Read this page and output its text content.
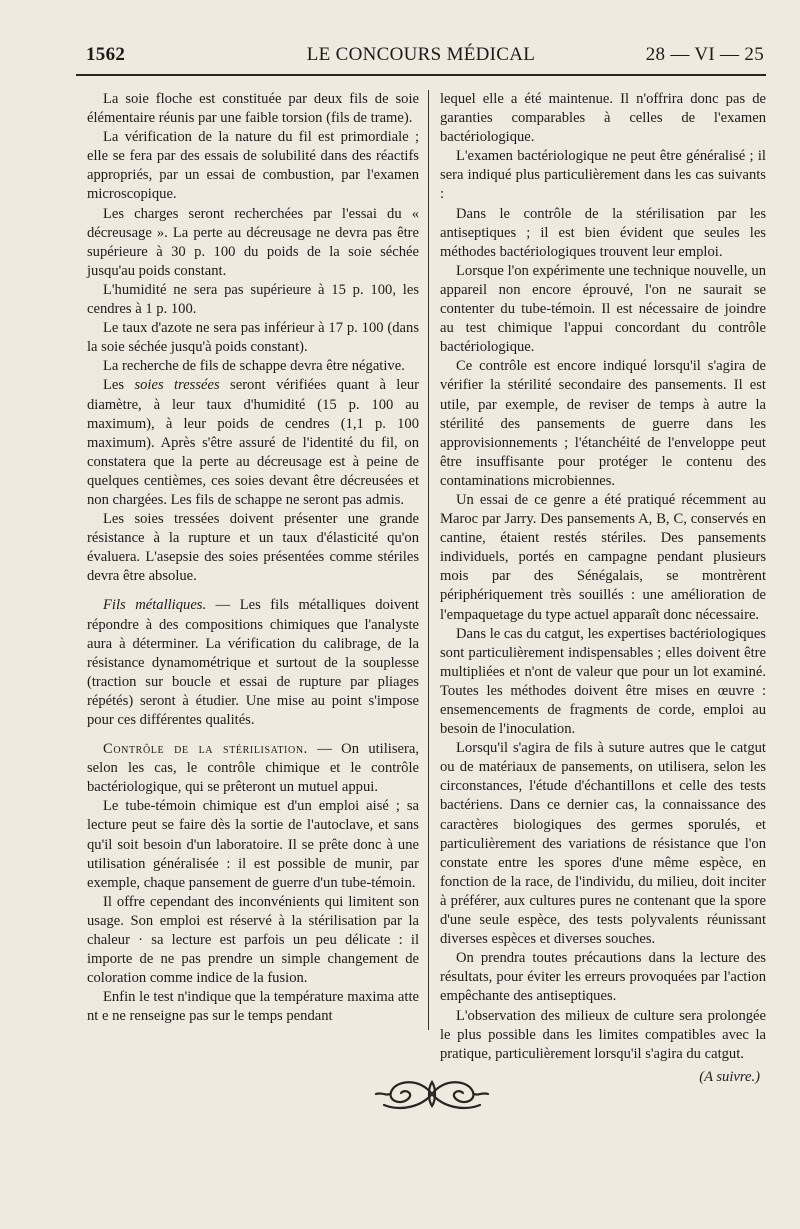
1562	LE CONCOURS MÉDICAL	28 — VI — 25

La soie floche est constituée par deux fils de soie élémentaire réunis par une faible torsion (fils de trame).

La vérification de la nature du fil est primordiale ; elle se fera par des essais de solubilité dans des réactifs appropriés, par un essai de combustion, par l'examen microscopique.

Les charges seront recherchées par l'essai du « décreusage ». La perte au décreusage ne devra pas être supérieure à 30 p. 100 du poids de la soie séchée jusqu'au poids constant.

L'humidité ne sera pas supérieure à 15 p. 100, les cendres à 1 p. 100.

Le taux d'azote ne sera pas inférieur à 17 p. 100 (dans la soie séchée jusqu'à poids constant).

La recherche de fils de schappe devra être négative.

Les soies tressées seront vérifiées quant à leur diamètre, à leur taux d'humidité (15 p. 100 au maximum), à leur poids de cendres (1,1 p. 100 maximum). Après s'être assuré de l'identité du fil, on constatera que la perte au décreusage est à peine de quelques centièmes, ces soies devant être décreusées et non chargées. Les fils de schappe ne seront pas admis.

Les soies tressées doivent présenter une grande résistance à la rupture et un taux d'élasticité qu'on évaluera. L'asepsie des soies présentées comme stériles devra être absolue.

Fils métalliques. — Les fils métalliques doivent répondre à des compositions chimiques que l'analyste aura à déterminer. La vérification du calibrage, de la résistance dynamométrique et surtout de la souplesse (traction sur boucle et essai de rupture par pliages répétés) seront à étudier. Une mise au point s'impose pour ces différentes qualités.

Contrôle de la stérilisation. — On utilisera, selon les cas, le contrôle chimique et le contrôle bactériologique, qui se prêteront un mutuel appui.

Le tube-témoin chimique est d'un emploi aisé ; sa lecture peut se faire dès la sortie de l'autoclave, et sans qu'il soit besoin d'un laboratoire. Il se prête donc à une utilisation généralisée : il est possible de munir, par exemple, chaque pansement de guerre d'un tube-témoin.

Il offre cependant des inconvénients qui limitent son usage. Son emploi est réservé à la stérilisation par la chaleur · sa lecture est parfois un peu délicate : il importe de ne pas prendre un simple changement de coloration comme indice de la fusion.

Enfin le test n'indique que la température maxima atte nt e ne renseigne pas sur le temps pendant

lequel elle a été maintenue. Il n'offrira donc pas de garanties comparables à celles de l'examen bactériologique.

L'examen bactériologique ne peut être généralisé ; il sera indiqué plus particulièrement dans les cas suivants :

Dans le contrôle de la stérilisation par les antiseptiques ; il est bien évident que seules les méthodes bactériologiques trouvent leur emploi.

Lorsque l'on expérimente une technique nouvelle, un appareil non encore éprouvé, l'on ne saurait se contenter du tube-témoin. Il est nécessaire de joindre au test chimique l'appui concordant du contrôle bactériologique.

Ce contrôle est encore indiqué lorsqu'il s'agira de vérifier la stérilité secondaire des pansements. Il est utile, par exemple, de reviser de temps à autre la stérilité des pansements de guerre dans les approvisionnements ; l'étanchéité de l'enveloppe peut être insuffisante pour protéger le contenu des contaminations microbiennes.

Un essai de ce genre a été pratiqué récemment au Maroc par Jarry. Des pansements A, B, C, conservés en cantine, étaient restés stériles. Des pansements individuels, portés en campagne pendant plusieurs mois par des Sénégalais, se montrèrent périphériquement très souillés : une amélioration de l'empaquetage du type actuel apparaît donc nécessaire.

Dans le cas du catgut, les expertises bactériologiques sont particulièrement indispensables ; elles doivent être multipliées et n'ont de valeur que pour un lot examiné. Toutes les méthodes doivent être mises en œuvre : ensemencements de fragments de corde, emploi au besoin de l'inoculation.

Lorsqu'il s'agira de fils à suture autres que le catgut ou de matériaux de pansements, on utilisera, selon les circonstances, l'étude d'échantillons et celle des tests bactériens. Dans ce dernier cas, la connaissance des caractères biologiques des germes sporulés, et particulièrement des variations de résistance que l'on constate entre les spores d'une même espèce, en fonction de la race, de l'individu, du milieu, doit inciter à préférer, aux cultures pures ne contenant que la spore d'une seule espèce, des tests polyvalents réunissant diverses espèces et diverses souches.

On prendra toutes précautions dans la lecture des résultats, pour éviter les erreurs provoquées par l'action empêchante des antiseptiques.

L'observation des milieux de culture sera prolongée le plus possible dans les limites compatibles avec la pratique, particulièrement lorsqu'il s'agira du catgut.

(A suivre.)
